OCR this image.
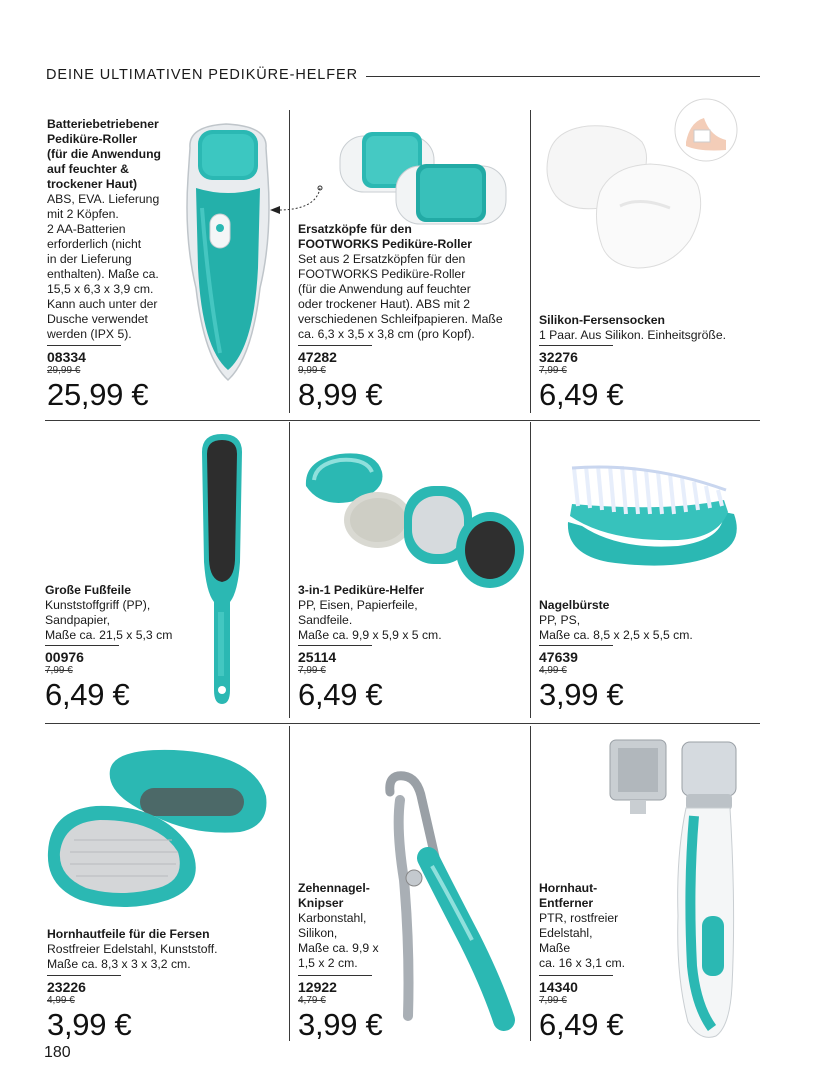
DEINE ULTIMATIVEN PEDIKÜRE-HELFER
Batteriebetriebener
Pediküre-Roller
(für die Anwendung
auf feuchter &
trockener Haut)
ABS, EVA. Lieferung
mit 2 Köpfen.
2 AA-Batterien
erforderlich (nicht
in der Lieferung
enthalten). Maße ca.
15,5 x 6,3 x 3,9 cm.
Kann auch unter der
Dusche verwendet
werden (IPX 5).
08334
29,99 €
25,99 €
Ersatzköpfe für den
FOOTWORKS Pediküre-Roller
Set aus 2 Ersatzköpfen für den
FOOTWORKS Pediküre-Roller
(für die Anwendung auf feuchter
oder trockener Haut). ABS mit 2
verschiedenen Schleifpapieren. Maße
ca. 6,3 x 3,5 x 3,8 cm (pro Kopf).
47282
9,99 €
8,99 €
Silikon-Fersensocken
1 Paar. Aus Silikon. Einheitsgröße.
32276
7,99 €
6,49 €
Große Fußfeile
Kunststoffgriff (PP),
Sandpapier,
Maße ca. 21,5 x 5,3 cm
00976
7,99 €
6,49 €
3-in-1 Pediküre-Helfer
PP, Eisen, Papierfeile,
Sandfeile.
Maße ca. 9,9 x 5,9 x 5 cm.
25114
7,99 €
6,49 €
Nagelbürste
PP, PS,
Maße ca. 8,5 x 2,5 x 5,5 cm.
47639
4,99 €
3,99 €
Hornhautfeile für die Fersen
Rostfreier Edelstahl, Kunststoff.
Maße ca. 8,3 x 3 x 3,2 cm.
23226
4,99 €
3,99 €
Zehennagel-
Knipser
Karbonstahl,
Silikon,
Maße ca. 9,9 x
1,5 x 2 cm.
12922
4,79 €
3,99 €
Hornhaut-
Entferner
PTR, rostfreier
Edelstahl,
Maße
ca. 16 x 3,1 cm.
14340
7,99 €
6,49 €
180
